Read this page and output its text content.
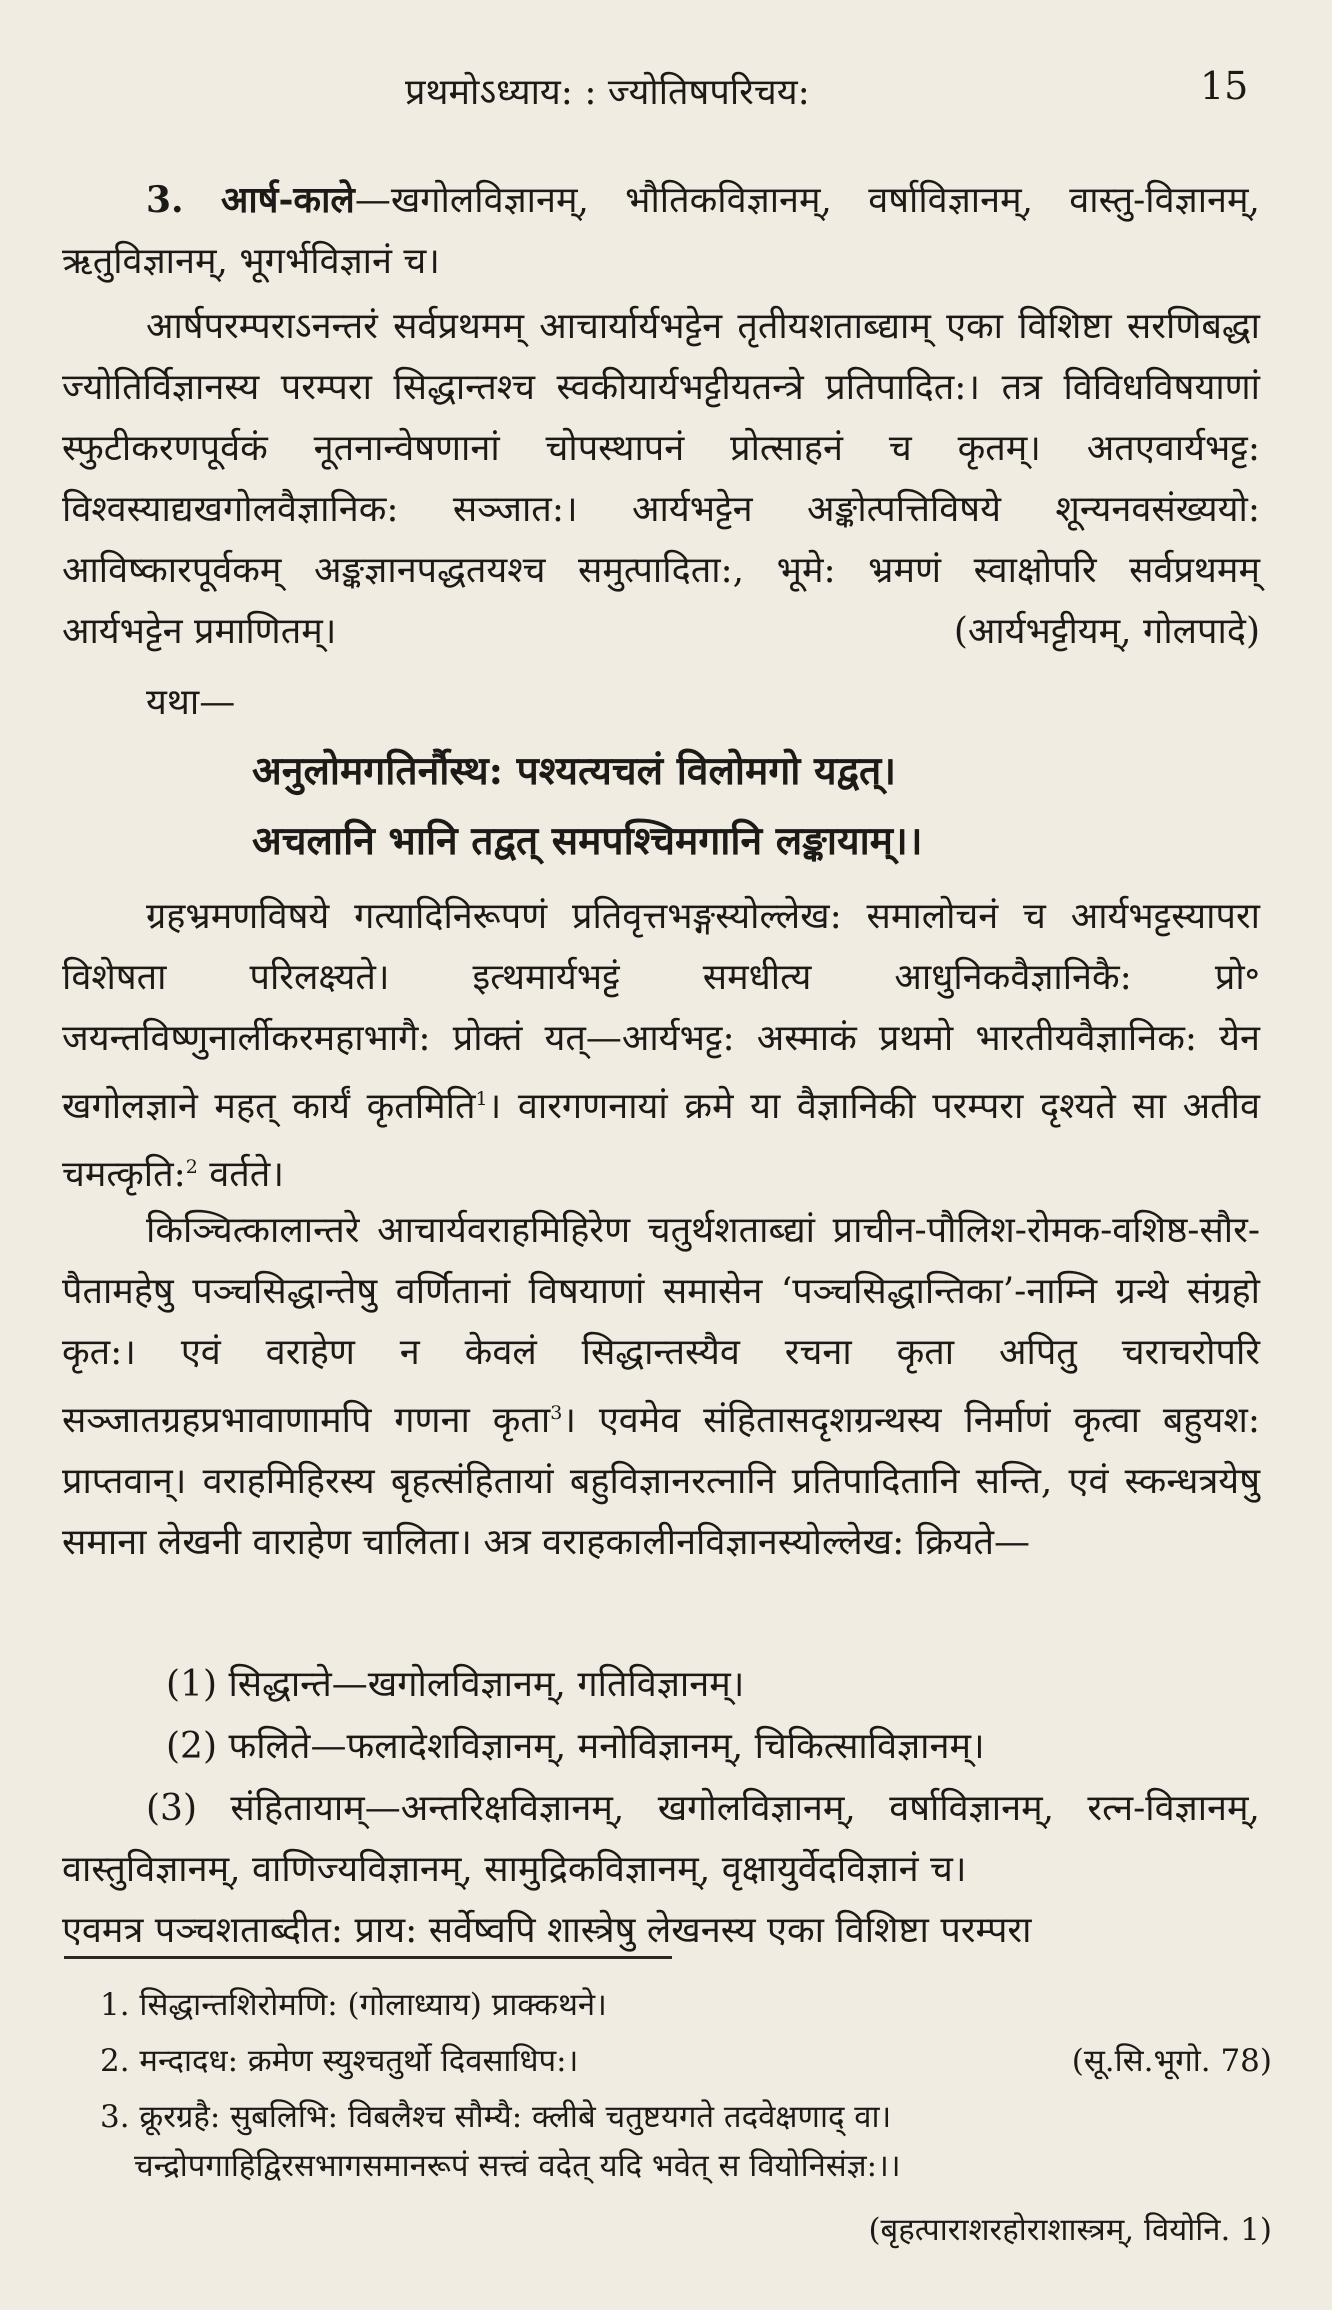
प्रथमोऽध्याय: : ज्योतिषपरिचय:	15
3. आर्ष-काले—खगोलविज्ञानम्, भौतिकविज्ञानम्, वर्षाविज्ञानम्, वास्तु-विज्ञानम्, ऋतुविज्ञानम्, भूगर्भविज्ञानं च।
आर्षपरम्पराऽनन्तरं सर्वप्रथमम् आचार्यार्यभट्टेन तृतीयशताब्द्याम् एका विशिष्टा सरणिबद्धा ज्योतिर्विज्ञानस्य परम्परा सिद्धान्तश्च स्वकीयार्यभट्टीयतन्त्रे प्रतिपादित:। तत्र विविधविषयाणां स्फुटीकरणपूर्वकं नूतनान्वेषणानां चोपस्थापनं प्रोत्साहनं च कृतम्। अतएवार्यभट्ट: विश्वस्याद्यखगोलवैज्ञानिक: सञ्जात:। आर्यभट्टेन अङ्कोत्पत्तिविषये शून्यनवसंख्ययो: आविष्कारपूर्वकम् अङ्कज्ञानपद्धतयश्च समुत्पादिता:, भूमे: भ्रमणं स्वाक्षोपरि सर्वप्रथमम् आर्यभट्टेन प्रमाणितम्।	(आर्यभट्टीयम्, गोलपादे)
यथा—
अनुलोमगतिर्नौस्थ: पश्यत्यचलं विलोमगो यद्वत्।
अचलानि भानि तद्वत् समपश्चिमगानि लङ्कायाम्।।
ग्रहभ्रमणविषये गत्यादिनिरूपणं प्रतिवृत्तभङ्गस्योल्लेख: समालोचनं च आर्यभट्टस्यापरा विशेषता परिलक्ष्यते। इत्थमार्यभट्टं समधीत्य आधुनिकवैज्ञानिकै: प्रो॰ जयन्तविष्णुनार्लीकरमहाभागै: प्रोक्तं यत्—आर्यभट्ट: अस्माकं प्रथमो भारतीयवैज्ञानिक: येन खगोलज्ञाने महत् कार्यं कृतमिति$^1$। वारगणनायां क्रमे या वैज्ञानिकी परम्परा दृश्यते सा अतीव चमत्कृति:$^2$ वर्तते।
किञ्चित्कालान्तरे आचार्यवराहमिहिरेण चतुर्थशताब्द्यां प्राचीन-पौलिश-रोमक-वशिष्ठ-सौर-पैतामहेषु पञ्चसिद्धान्तेषु वर्णितानां विषयाणां समासेन ‘पञ्चसिद्धान्तिका’-नाम्नि ग्रन्थे संग्रहो कृत:। एवं वराहेण न केवलं सिद्धान्तस्यैव रचना कृता अपितु चराचरोपरि सञ्जातग्रहप्रभावाणामपि गणना कृता$^3$। एवमेव संहितासदृशग्रन्थस्य निर्माणं कृत्वा बहुयश: प्राप्तवान्। वराहमिहिरस्य बृहत्संहितायां बहुविज्ञानरत्नानि प्रतिपादितानि सन्ति, एवं स्कन्धत्रयेषु समाना लेखनी वाराहेण चालिता। अत्र वराहकालीनविज्ञानस्योल्लेख: क्रियते—
(1) सिद्धान्ते—खगोलविज्ञानम्, गतिविज्ञानम्।
(2) फलिते—फलादेशविज्ञानम्, मनोविज्ञानम्, चिकित्साविज्ञानम्।
(3) संहितायाम्—अन्तरिक्षविज्ञानम्, खगोलविज्ञानम्, वर्षाविज्ञानम्, रत्न-विज्ञानम्, वास्तुविज्ञानम्, वाणिज्यविज्ञानम्, सामुद्रिकविज्ञानम्, वृक्षायुर्वेदविज्ञानं च।
एवमत्र पञ्चशताब्दीत: प्राय: सर्वेष्वपि शास्त्रेषु लेखनस्य एका विशिष्टा परम्परा
1. सिद्धान्तशिरोमणि: (गोलाध्याय) प्राक्कथने।
2. मन्दादध: क्रमेण स्युश्चतुर्थो दिवसाधिप:।	(सू.सि.भूगो. 78)
3. क्रूरग्रहै: सुबलिभि: विबलैश्च सौम्यै: क्लीबे चतुष्टयगते तदवेक्षणाद् वा।
चन्द्रोपगाहिद्विरसभागसमानरूपं सत्त्वं वदेत् यदि भवेत् स वियोनिसंज्ञ:।।
(बृहत्पाराशरहोराशास्त्रम्, वियोनि. 1)
